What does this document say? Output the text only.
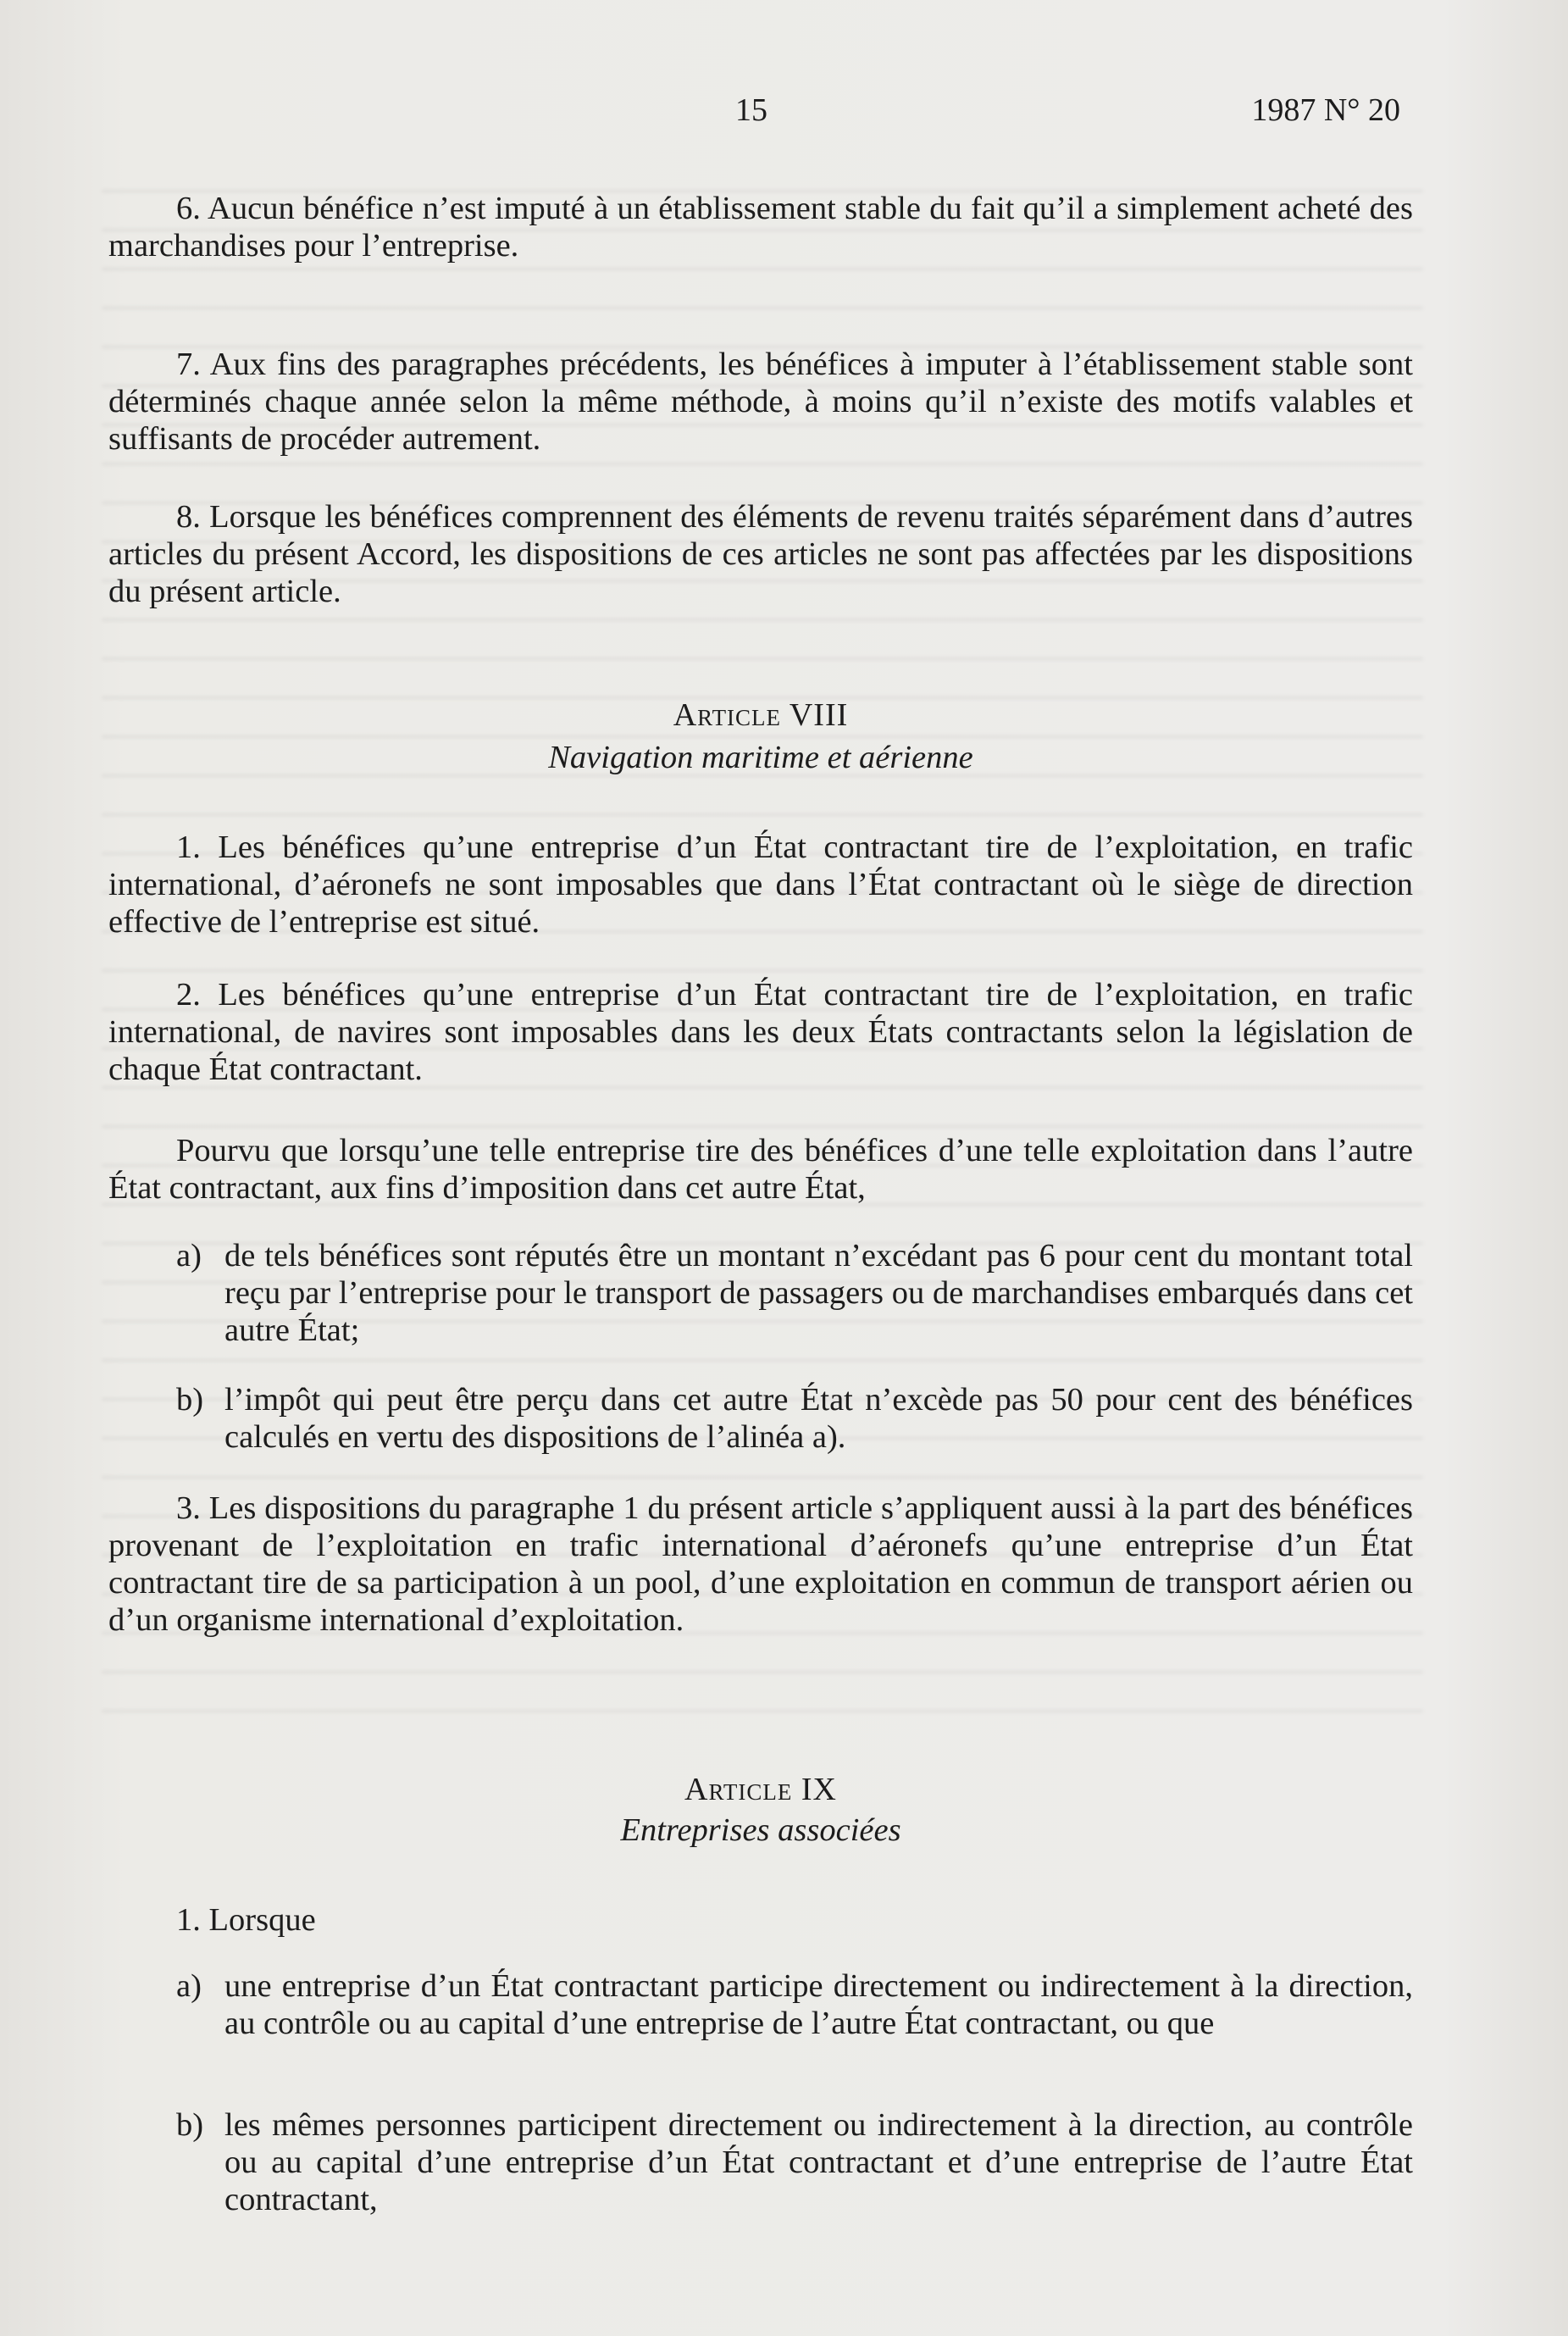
15	1987 N° 20

6. Aucun bénéfice n’est imputé à un établissement stable du fait qu’il a simplement acheté des marchandises pour l’entreprise.

7. Aux fins des paragraphes précédents, les bénéfices à imputer à l’établissement stable sont déterminés chaque année selon la même méthode, à moins qu’il n’existe des motifs valables et suffisants de procéder autrement.

8. Lorsque les bénéfices comprennent des éléments de revenu traités séparément dans d’autres articles du présent Accord, les dispositions de ces articles ne sont pas affectées par les dispositions du présent article.

Article VIII

Navigation maritime et aérienne

1. Les bénéfices qu’une entreprise d’un État contractant tire de l’exploitation, en trafic international, d’aéronefs ne sont imposables que dans l’État contractant où le siège de direction effective de l’entreprise est situé.

2. Les bénéfices qu’une entreprise d’un État contractant tire de l’exploitation, en trafic international, de navires sont imposables dans les deux États contractants selon la législation de chaque État contractant.

Pourvu que lorsqu’une telle entreprise tire des bénéfices d’une telle exploitation dans l’autre État contractant, aux fins d’imposition dans cet autre État,

a) de tels bénéfices sont réputés être un montant n’excédant pas 6 pour cent du montant total reçu par l’entreprise pour le transport de passagers ou de marchandises embarqués dans cet autre État;
b) l’impôt qui peut être perçu dans cet autre État n’excède pas 50 pour cent des bénéfices calculés en vertu des dispositions de l’alinéa a).

3. Les dispositions du paragraphe 1 du présent article s’appliquent aussi à la part des bénéfices provenant de l’exploitation en trafic international d’aéronefs qu’une entreprise d’un État contractant tire de sa participation à un pool, d’une exploitation en commun de transport aérien ou d’un organisme international d’exploitation.

Article IX

Entreprises associées

1. Lorsque

a) une entreprise d’un État contractant participe directement ou indirectement à la direction, au contrôle ou au capital d’une entreprise de l’autre État contractant, ou que
b) les mêmes personnes participent directement ou indirectement à la direction, au contrôle ou au capital d’une entreprise d’un État contractant et d’une entreprise de l’autre État contractant,
